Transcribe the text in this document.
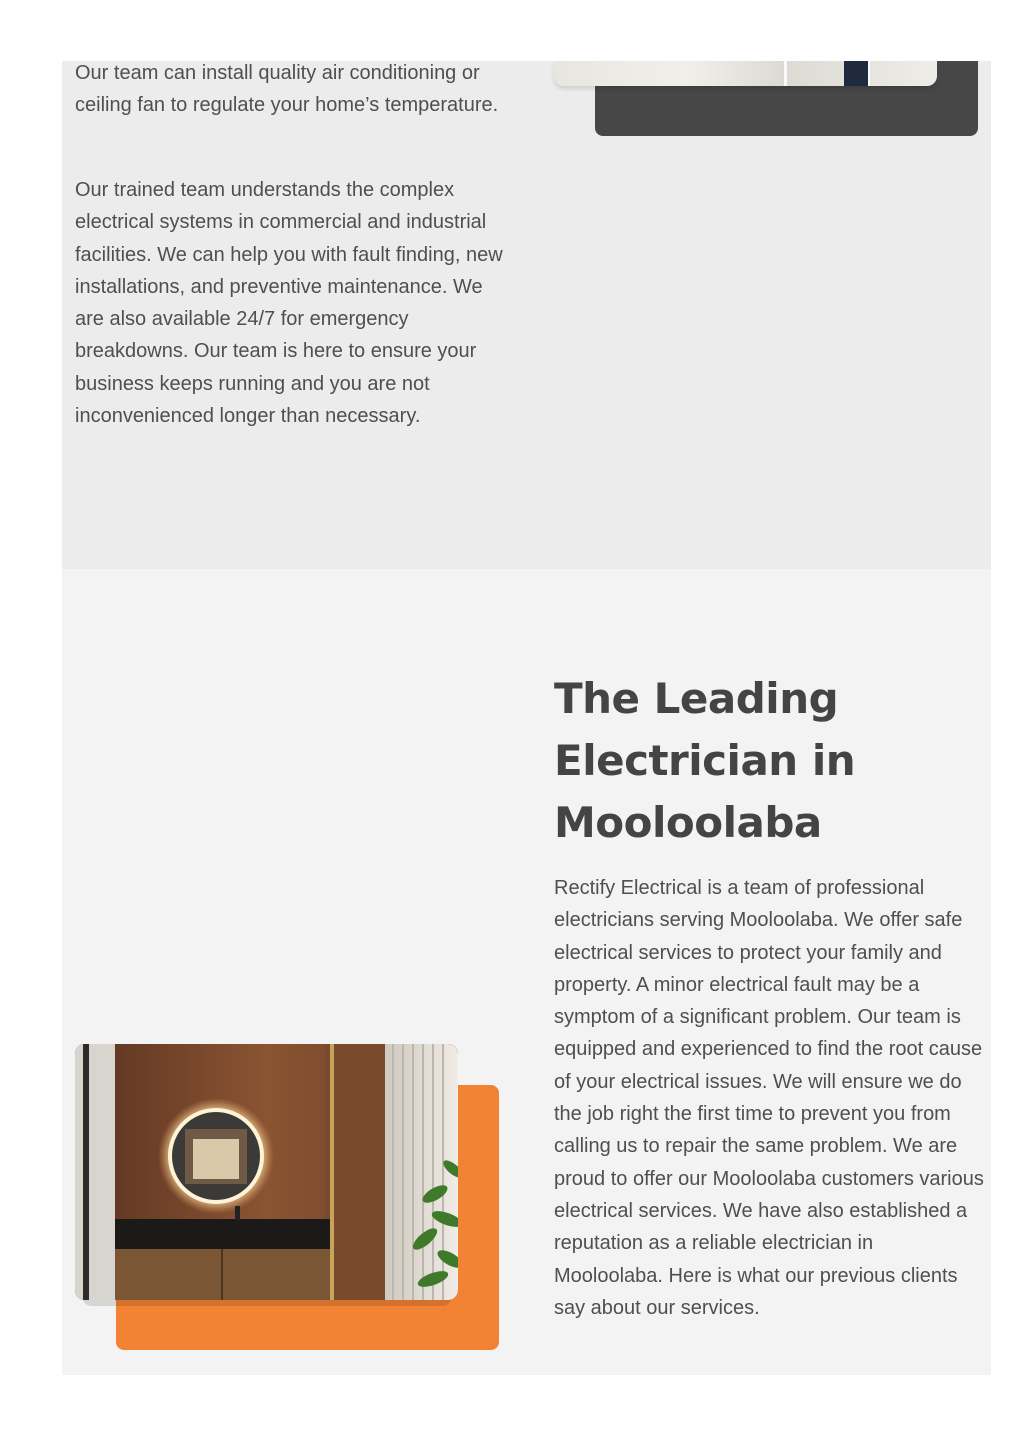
Our team can install quality air conditioning or ceiling fan to regulate your home’s temperature.

Our trained team understands the complex electrical systems in commercial and industrial facilities. We can help you with fault finding, new installations, and preventive maintenance. We are also available 24/7 for emergency breakdowns. Our team is here to ensure your business keeps running and you are not inconvenienced longer than necessary.

The Leading Electrician in Mooloolaba

Rectify Electrical is a team of professional electricians serving Mooloolaba. We offer safe electrical services to protect your family and property. A minor electrical fault may be a symptom of a significant problem. Our team is equipped and experienced to find the root cause of your electrical issues. We will ensure we do the job right the first time to prevent you from calling us to repair the same problem. We are proud to offer our Mooloolaba customers various electrical services. We have also established a reputation as a reliable electrician in Mooloolaba. Here is what our previous clients say about our services.
